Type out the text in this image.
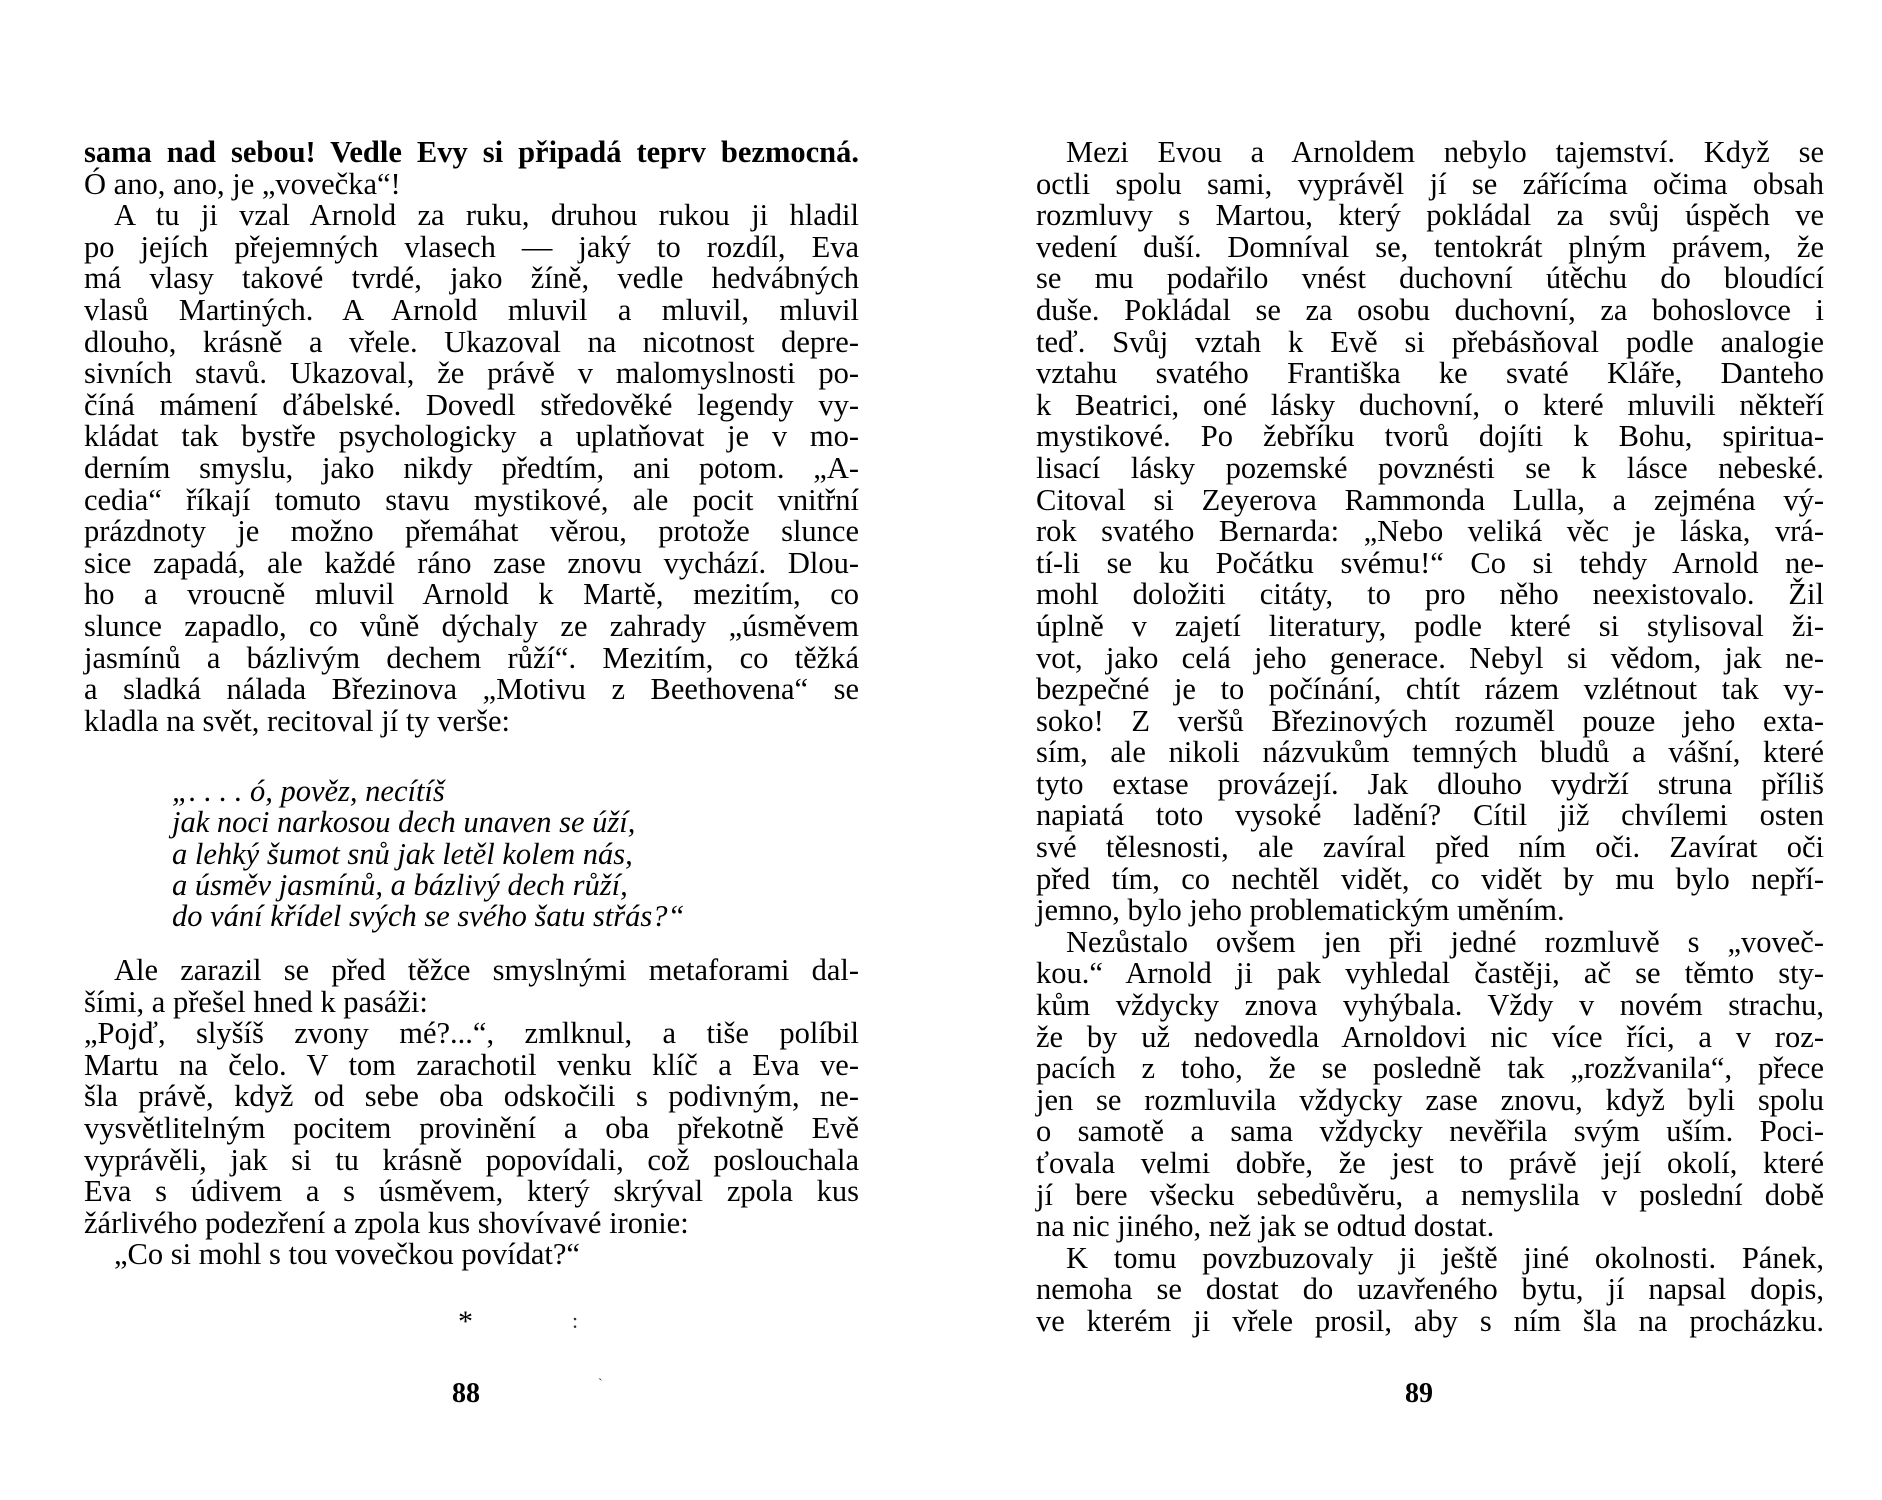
sama nad sebou! Vedle Evy si připadá teprv bezmocná.
Ó ano, ano, je „vovečka“!
A tu ji vzal Arnold za ruku, druhou rukou ji hladil
po jejích přejemných vlasech — jaký to rozdíl, Eva
má vlasy takové tvrdé, jako žíně, vedle hedvábných
vlasů Martiných. A Arnold mluvil a mluvil, mluvil
dlouho, krásně a vřele. Ukazoval na nicotnost depre-
sivních stavů. Ukazoval, že právě v malomyslnosti po-
číná mámení ďábelské. Dovedl středověké legendy vy-
kládat tak bystře psychologicky a uplatňovat je v mo-
derním smyslu, jako nikdy předtím, ani potom. „A-
cedia“ říkají tomuto stavu mystikové, ale pocit vnitřní
prázdnoty je možno přemáhat věrou, protože slunce
sice zapadá, ale každé ráno zase znovu vychází. Dlou-
ho a vroucně mluvil Arnold k Martě, mezitím, co
slunce zapadlo, co vůně dýchaly ze zahrady „úsměvem
jasmínů a bázlivým dechem růží“. Mezitím, co těžká
a sladká nálada Březinova „Motivu z Beethovena“ se
kladla na svět, recitoval jí ty verše:
„. . . . ó, pověz, necítíš
jak noci narkosou dech unaven se úží,
a lehký šumot snů jak letěl kolem nás,
a úsměv jasmínů, a bázlivý dech růží,
do vání křídel svých se svého šatu střás?“
Ale zarazil se před těžce smyslnými metaforami dal-
šími, a přešel hned k pasáži:
„Pojď, slyšíš zvony mé?...“, zmlknul, a tiše políbil
Martu na čelo. V tom zarachotil venku klíč a Eva ve-
šla právě, když od sebe oba odskočili s podivným, ne-
vysvětlitelným pocitem provinění a oba překotně Evě
vyprávěli, jak si tu krásně popovídali, což poslouchala
Eva s údivem a s úsměvem, který skrýval zpola kus
žárlivého podezření a zpola kus shovívavé ironie:
„Co si mohl s tou vovečkou povídat?“
*	:
ˋ
88
Mezi Evou a Arnoldem nebylo tajemství. Když se
octli spolu sami, vyprávěl jí se zářícíma očima obsah
rozmluvy s Martou, který pokládal za svůj úspěch ve
vedení duší. Domníval se, tentokrát plným právem, že
se mu podařilo vnést duchovní útěchu do bloudící
duše. Pokládal se za osobu duchovní, za bohoslovce i
teď. Svůj vztah k Evě si přebásňoval podle analogie
vztahu svatého Františka ke svaté Kláře, Danteho
k Beatrici, oné lásky duchovní, o které mluvili někteří
mystikové. Po žebříku tvorů dojíti k Bohu, spiritua-
lisací lásky pozemské povznésti se k lásce nebeské.
Citoval si Zeyerova Rammonda Lulla, a zejména vý-
rok svatého Bernarda: „Nebo veliká věc je láska, vrá-
tí-li se ku Počátku svému!“ Co si tehdy Arnold ne-
mohl doložiti citáty, to pro něho neexistovalo. Žil
úplně v zajetí literatury, podle které si stylisoval ži-
vot, jako celá jeho generace. Nebyl si vědom, jak ne-
bezpečné je to počínání, chtít rázem vzlétnout tak vy-
soko! Z veršů Březinových rozuměl pouze jeho exta-
sím, ale nikoli názvukům temných bludů a vášní, které
tyto extase provázejí. Jak dlouho vydrží struna příliš
napiatá toto vysoké ladění? Cítil již chvílemi osten
své tělesnosti, ale zavíral před ním oči. Zavírat oči
před tím, co nechtěl vidět, co vidět by mu bylo nepří-
jemno, bylo jeho problematickým uměním.
Nezůstalo ovšem jen při jedné rozmluvě s „voveč-
kou.“ Arnold ji pak vyhledal častěji, ač se těmto sty-
kům vždycky znova vyhýbala. Vždy v novém strachu,
že by už nedovedla Arnoldovi nic více říci, a v roz-
pacích z toho, že se posledně tak „rozžvanila“, přece
jen se rozmluvila vždycky zase znovu, když byli spolu
o samotě a sama vždycky nevěřila svým uším. Poci-
ťovala velmi dobře, že jest to právě její okolí, které
jí bere všecku sebedůvěru, a nemyslila v poslední době
na nic jiného, než jak se odtud dostat.
K tomu povzbuzovaly ji ještě jiné okolnosti. Pánek,
nemoha se dostat do uzavřeného bytu, jí napsal dopis,
ve kterém ji vřele prosil, aby s ním šla na procházku.
89
